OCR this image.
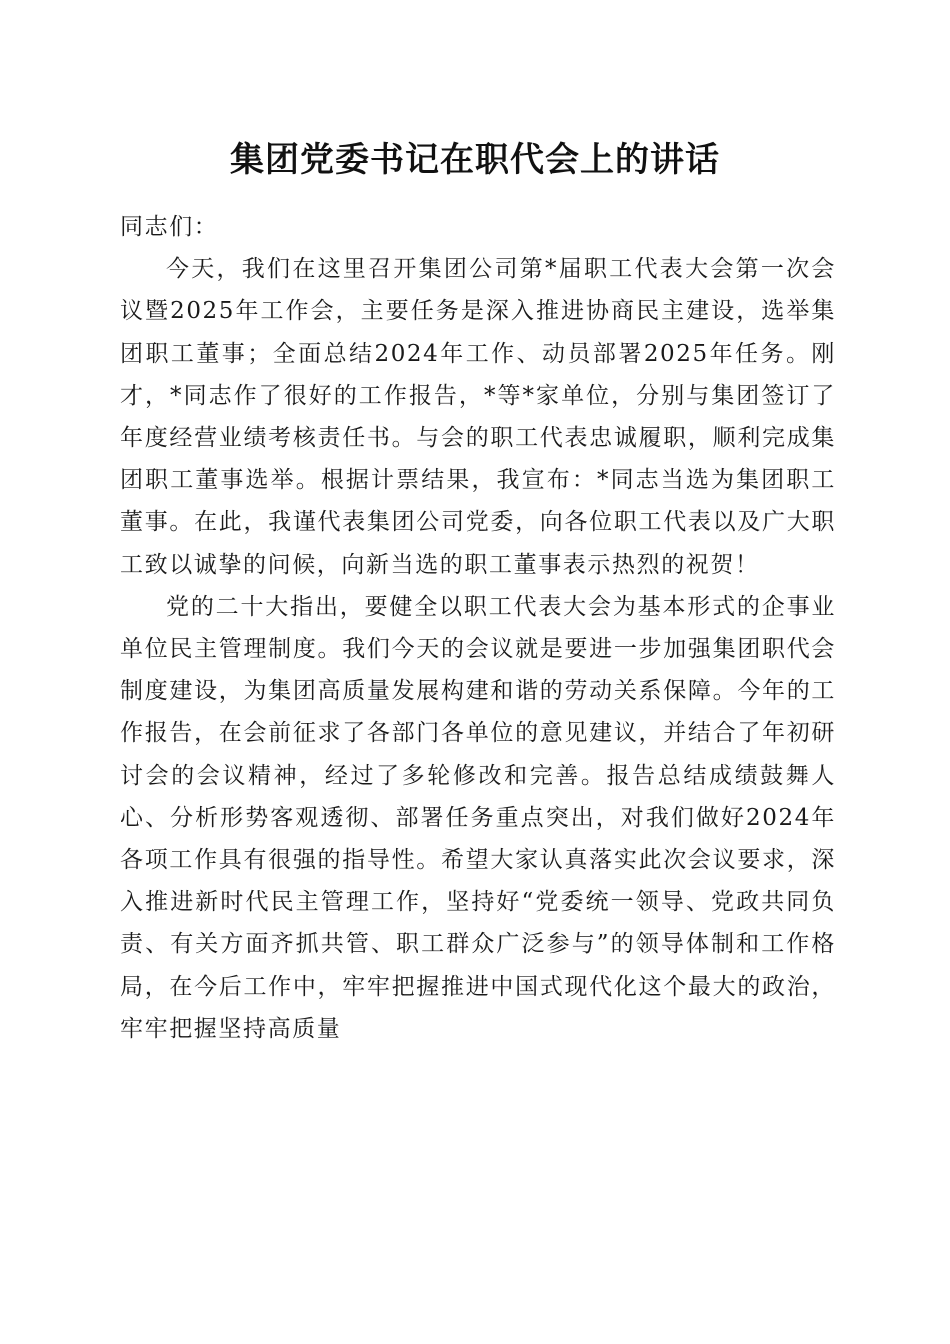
集团党委书记在职代会上的讲话

同志们：

今天，我们在这里召开集团公司第*届职工代表大会第一次会议暨2025年工作会，主要任务是深入推进协商民主建设，选举集团职工董事；全面总结2024年工作、动员部署2025年任务。刚才，*同志作了很好的工作报告，*等*家单位，分别与集团签订了年度经营业绩考核责任书。与会的职工代表忠诚履职，顺利完成集团职工董事选举。根据计票结果，我宣布：*同志当选为集团职工董事。在此，我谨代表集团公司党委，向各位职工代表以及广大职工致以诚挚的问候，向新当选的职工董事表示热烈的祝贺！

党的二十大指出，要健全以职工代表大会为基本形式的企事业单位民主管理制度。我们今天的会议就是要进一步加强集团职代会制度建设，为集团高质量发展构建和谐的劳动关系保障。今年的工作报告，在会前征求了各部门各单位的意见建议，并结合了年初研讨会的会议精神，经过了多轮修改和完善。报告总结成绩鼓舞人心、分析形势客观透彻、部署任务重点突出，对我们做好2024年各项工作具有很强的指导性。希望大家认真落实此次会议要求，深入推进新时代民主管理工作，坚持好“党委统一领导、党政共同负责、有关方面齐抓共管、职工群众广泛参与”的领导体制和工作格局，在今后工作中，牢牢把握推进中国式现代化这个最大的政治，牢牢把握坚持高质量
